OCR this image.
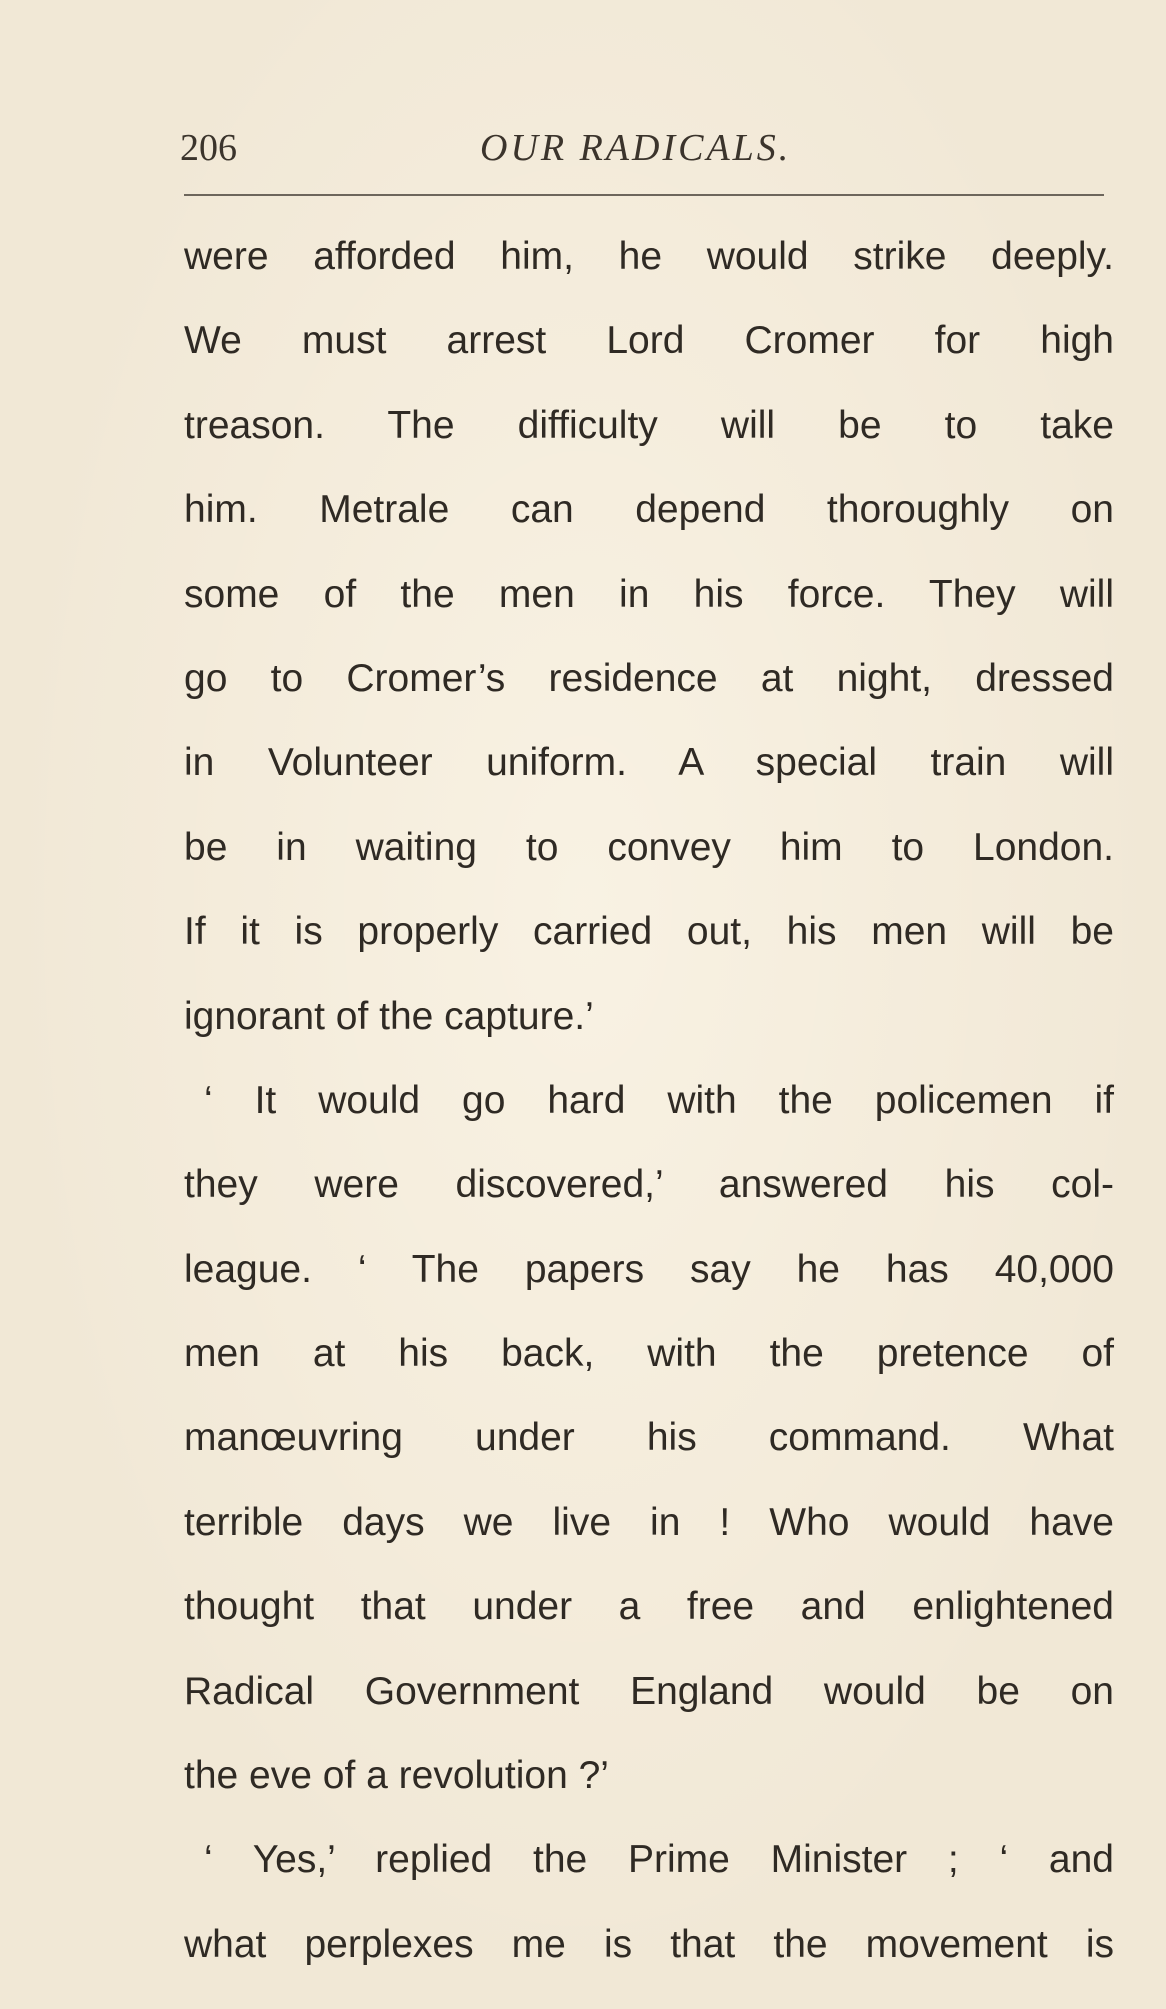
206	OUR RADICALS.
were afforded him, he would strike deeply.
We must arrest Lord Cromer for high
treason. The difficulty will be to take
him. Metrale can depend thoroughly on
some of the men in his force. They will
go to Cromer’s residence at night, dressed
in Volunteer uniform. A special train will
be in waiting to convey him to London.
If it is properly carried out, his men will be
ignorant of the capture.’
‘ It would go hard with the policemen if
they were discovered,’ answered his col-
league. ‘ The papers say he has 40,000
men at his back, with the pretence of
manœuvring under his command. What
terrible days we live in ! Who would have
thought that under a free and enlightened
Radical Government England would be on
the eve of a revolution ?’
‘ Yes,’ replied the Prime Minister ; ‘ and
what perplexes me is that the movement is
